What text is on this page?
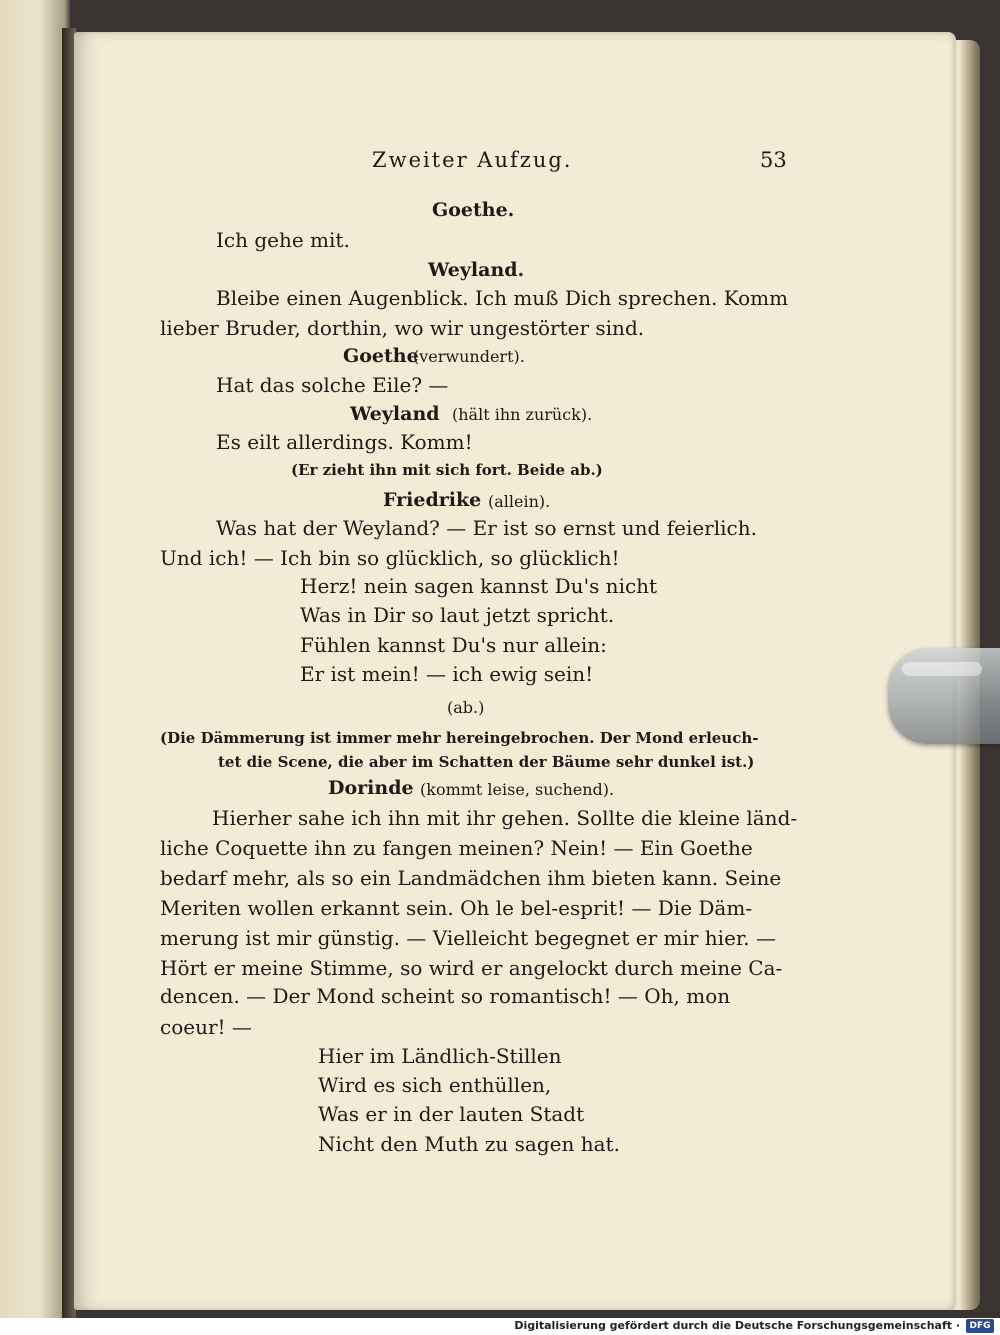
Zweiter Aufzug.	53
Goethe.
Ich gehe mit.
Weyland.
Bleibe einen Augenblick. Ich muß Dich sprechen. Komm
lieber Bruder, dorthin, wo wir ungestörter sind.
Goethe
(verwundert).
Hat das solche Eile? —
Weyland (hält ihn zurück).
Es eilt allerdings. Komm!
(Er zieht ihn mit sich fort. Beide ab.)
Friedrike (allein).
Was hat der Weyland? — Er ist so ernst und feierlich.
Und ich! — Ich bin so glücklich, so glücklich!
Herz! nein sagen kannst Du's nicht
Was in Dir so laut jetzt spricht.
Fühlen kannst Du's nur allein:
Er ist mein! — ich ewig sein!
(ab.)
(Die Dämmerung ist immer mehr hereingebrochen. Der Mond erleuch-
tet die Scene, die aber im Schatten der Bäume sehr dunkel ist.)
Dorinde (kommt leise, suchend).
Hierher sahe ich ihn mit ihr gehen. Sollte die kleine länd-
liche Coquette ihn zu fangen meinen? Nein! — Ein Goethe
bedarf mehr, als so ein Landmädchen ihm bieten kann. Seine
Meriten wollen erkannt sein. Oh le bel-esprit! — Die Däm-
merung ist mir günstig. — Vielleicht begegnet er mir hier. —
Hört er meine Stimme, so wird er angelockt durch meine Ca-
dencen. — Der Mond scheint so romantisch! — Oh, mon
coeur! —
Hier im Ländlich-Stillen
Wird es sich enthüllen,
Was er in der lauten Stadt
Nicht den Muth zu sagen hat.
Digitalisierung gefördert durch die Deutsche Forschungsgemeinschaft ·	DFG
